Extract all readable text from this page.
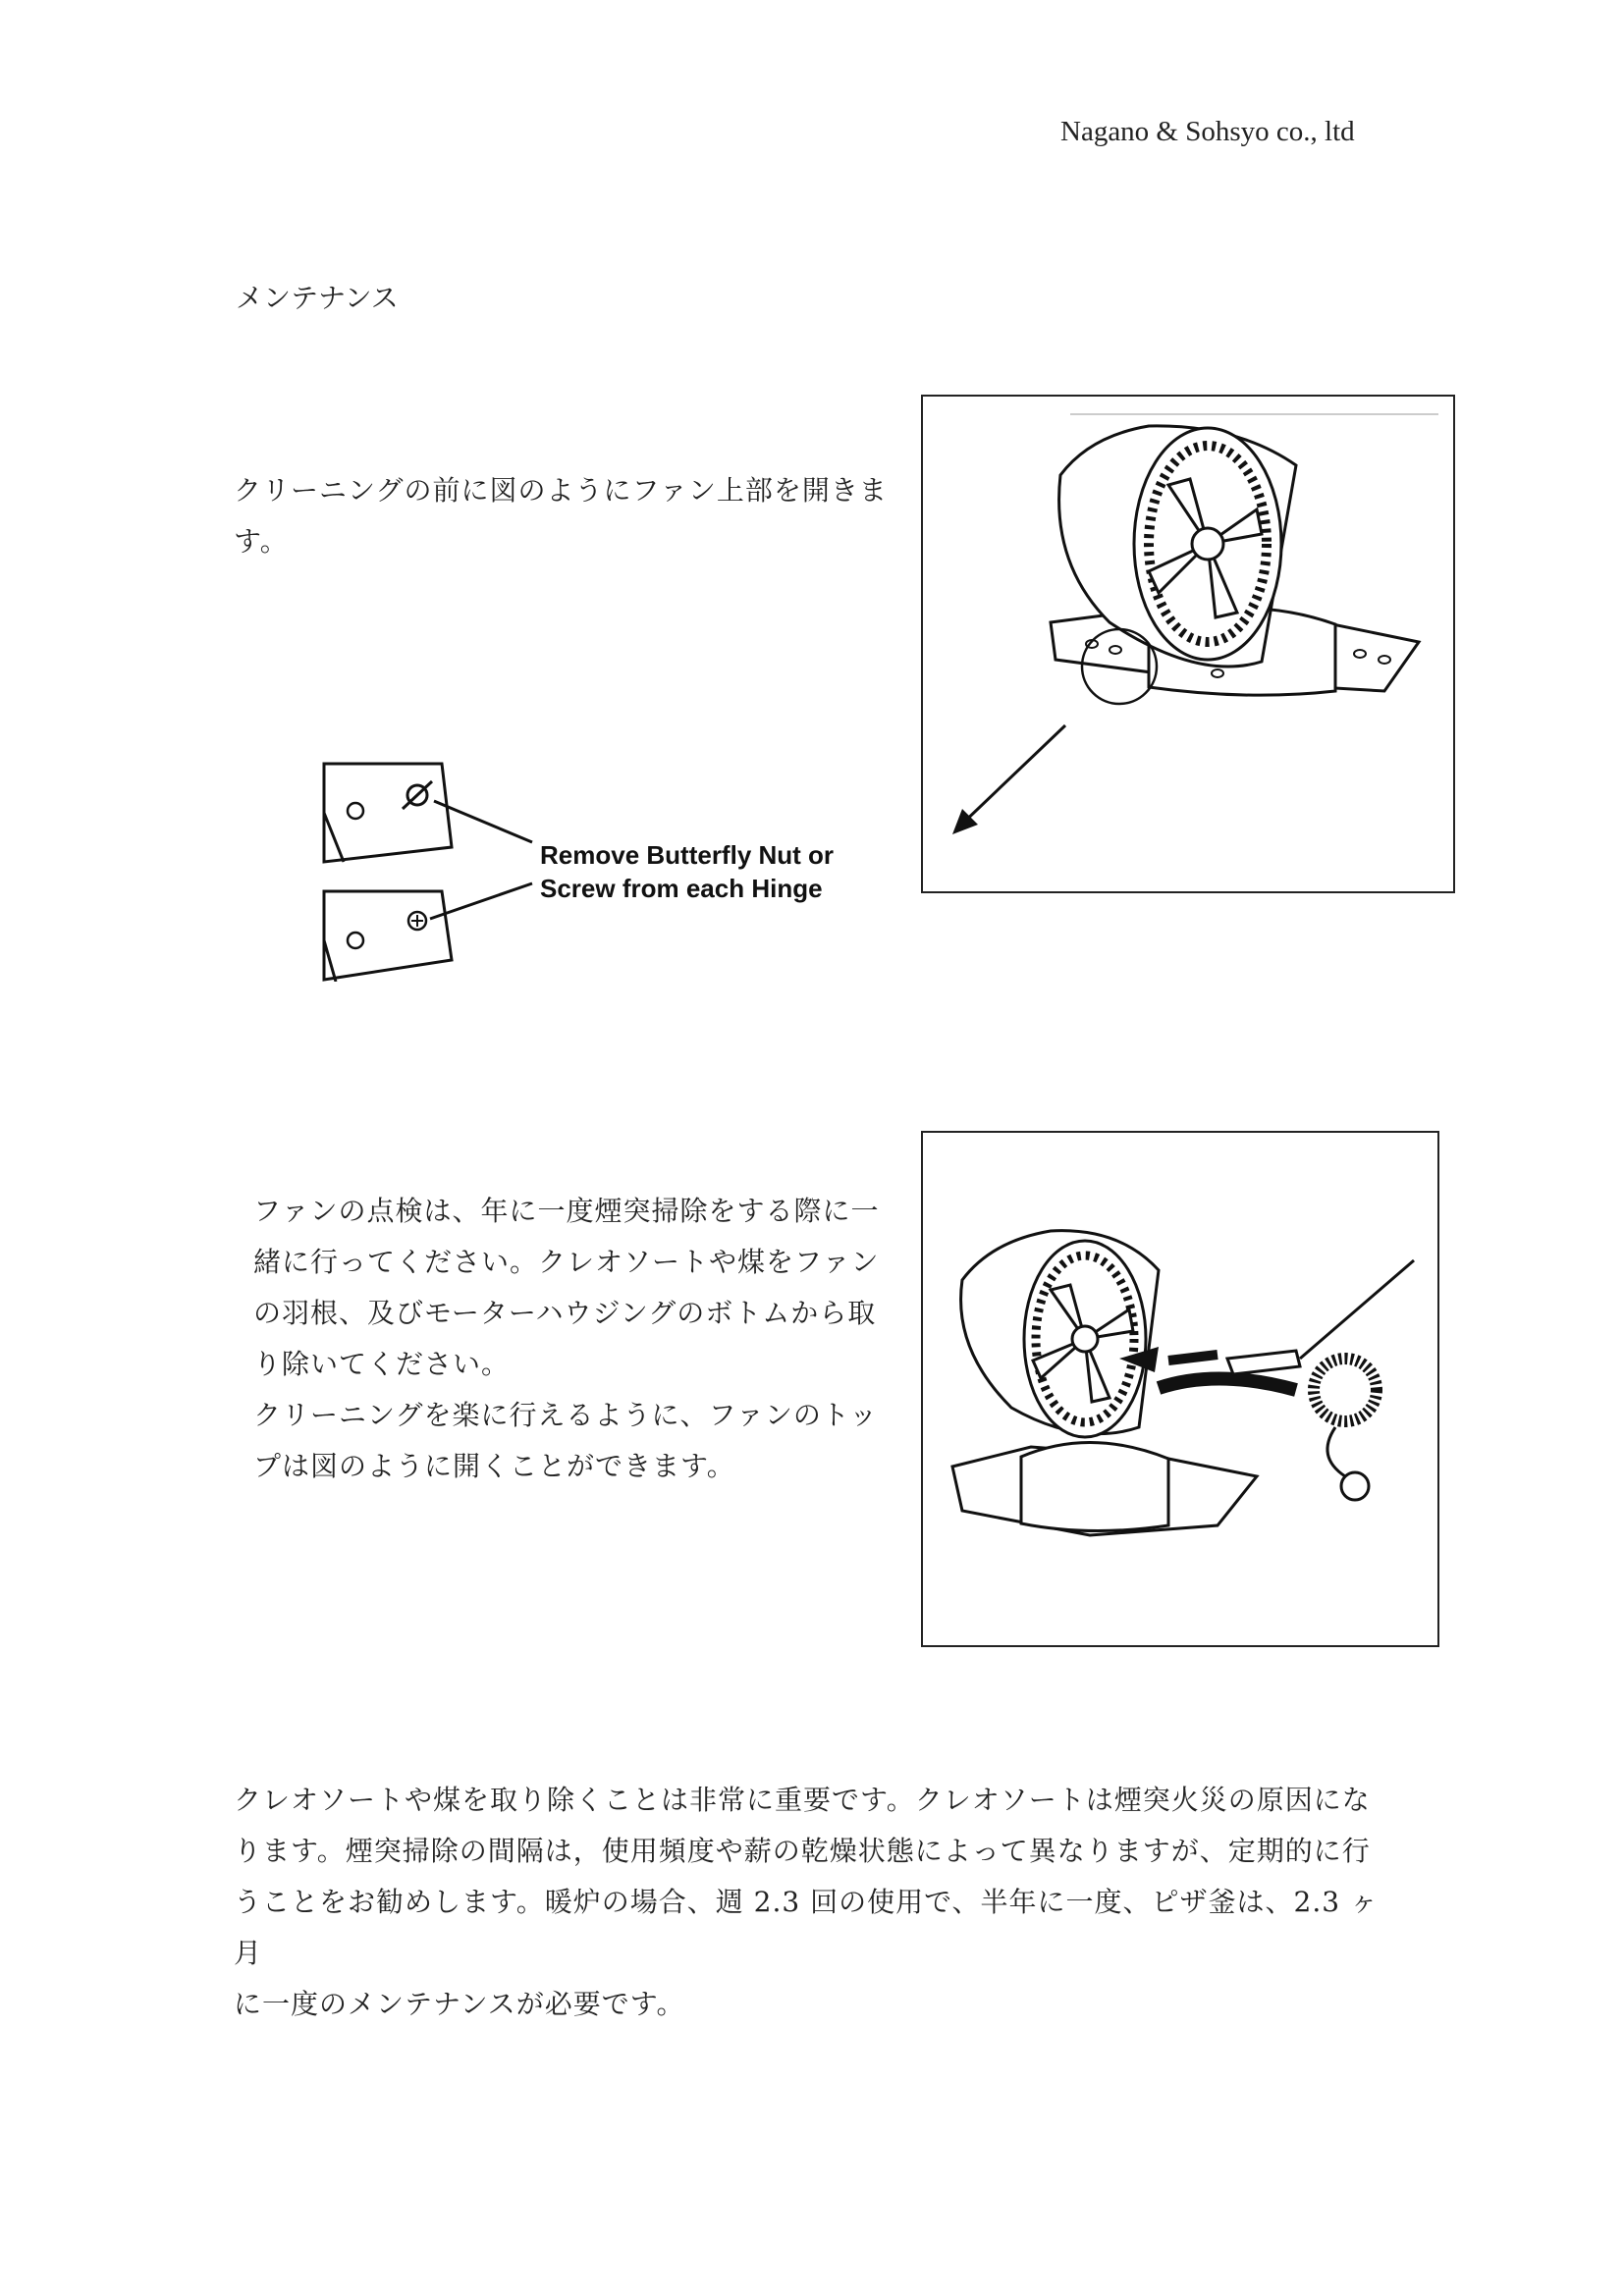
Nagano & Sohsyo co., ltd
メンテナンス

クリーニングの前に図のようにファン上部を開きま

す。

Remove Butterfly Nut or
Screw from each Hinge

ファンの点検は、年に一度煙突掃除をする際に一

緒に行ってください。クレオソートや煤をファン

の羽根、及びモーターハウジングのボトムから取

り除いてください。

クリーニングを楽に行えるように、ファンのトッ

プは図のように開くことができます。

クレオソートや煤を取り除くことは非常に重要です。クレオソートは煙突火災の原因にな

ります。煙突掃除の間隔は，使用頻度や薪の乾燥状態によって異なりますが、定期的に行

うことをお勧めします。暖炉の場合、週 2.3 回の使用で、半年に一度、ピザ釜は、2.3 ヶ月

に一度のメンテナンスが必要です。
